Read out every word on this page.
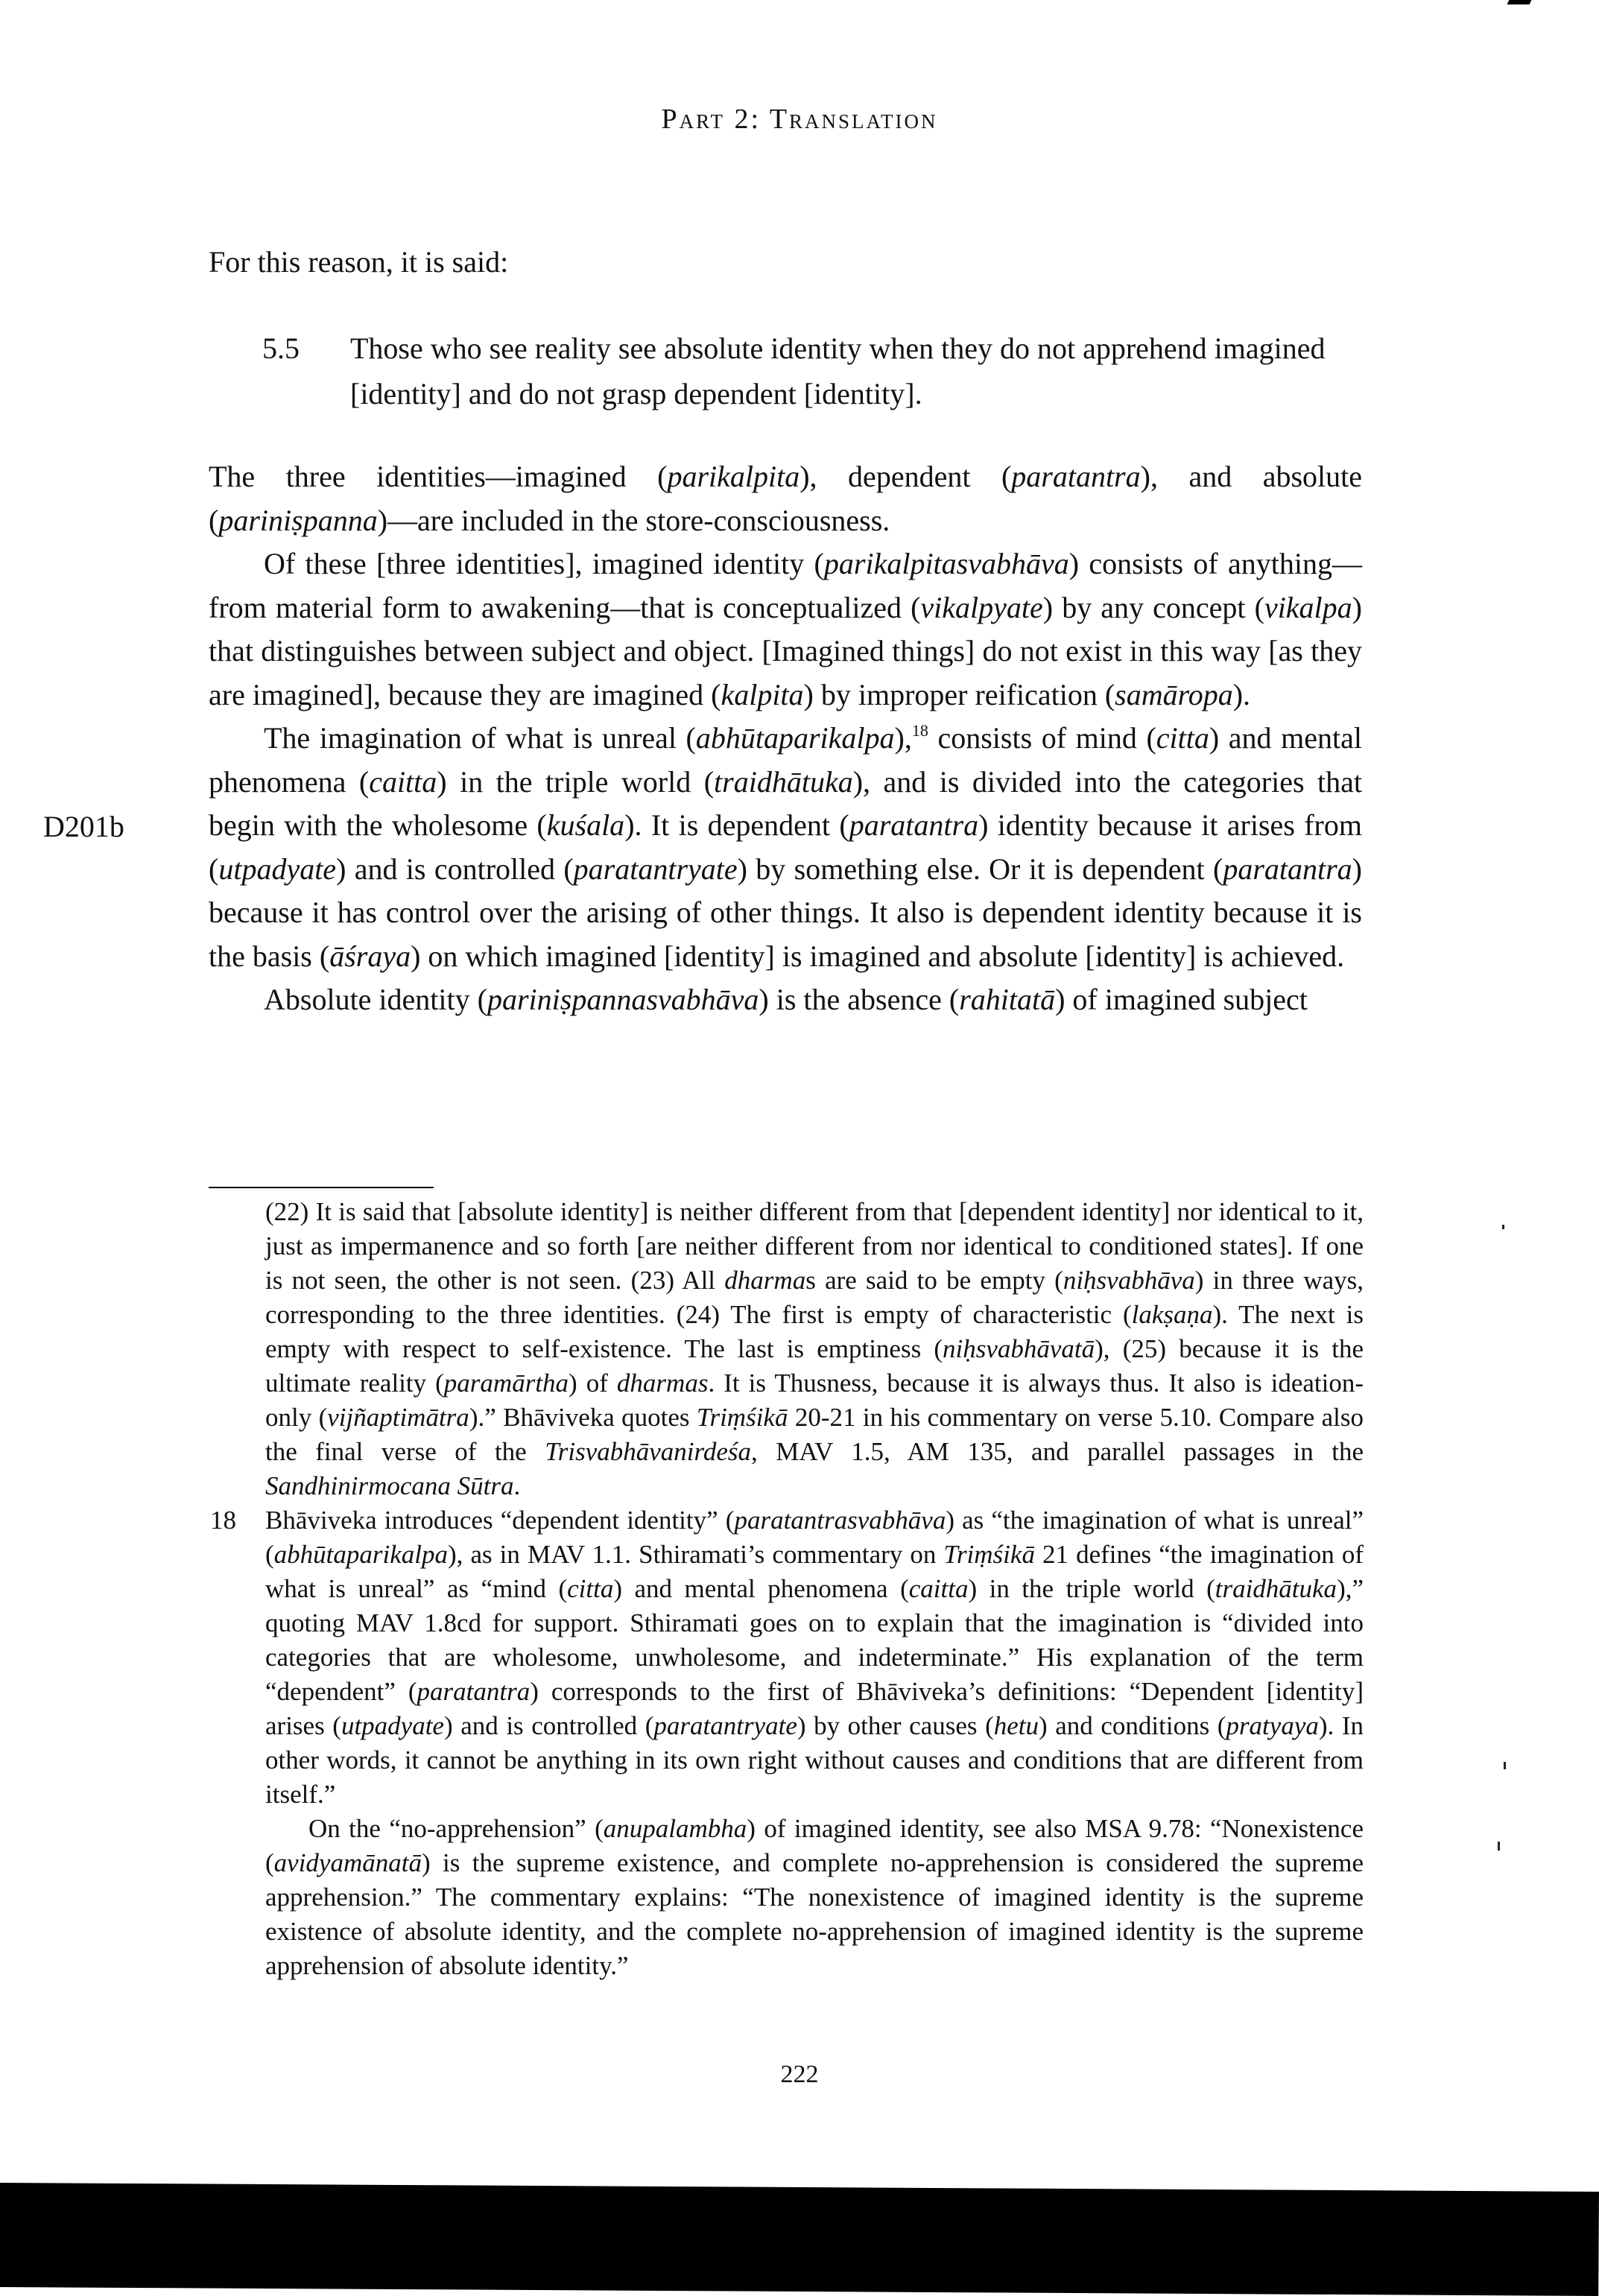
Part 2: Translation
For this reason, it is said:
5.5 Those who see reality see absolute identity when they do not apprehend imagined [identity] and do not grasp dependent [identity].

The three identities—imagined (parikalpita), dependent (paratantra), and absolute (pariniṣpanna)—are included in the store-consciousness.

Of these [three identities], imagined identity (parikalpitasvabhāva) consists of anything—from material form to awakening—that is conceptualized (vikalpyate) by any concept (vikalpa) that distinguishes between subject and object. [Imagined things] do not exist in this way [as they are imagined], because they are imagined (kalpita) by improper reification (samāropa).

The imagination of what is unreal (abhūtaparikalpa),$^{18}$ consists of mind (citta) and mental phenomena (caitta) in the triple world (traidhātuka), and is divided into the categories that begin with the wholesome (kuśala). It is dependent (paratantra) identity because it arises from (utpadyate) and is controlled (paratantryate) by something else. Or it is dependent (paratantra) because it has control over the arising of other things. It also is dependent identity because it is the basis (āśraya) on which imagined [identity] is imagined and absolute [identity] is achieved.

Absolute identity (pariniṣpannasvabhāva) is the absence (rahitatā) of imagined subject

D201b

(22) It is said that [absolute identity] is neither different from that [dependent identity] nor identical to it, just as impermanence and so forth [are neither different from nor identical to conditioned states]. If one is not seen, the other is not seen. (23) All dharmas are said to be empty (niḥsvabhāva) in three ways, corresponding to the three identities. (24) The first is empty of characteristic (lakṣaṇa). The next is empty with respect to self-existence. The last is emptiness (niḥsvabhāvatā), (25) because it is the ultimate reality (paramārtha) of dharmas. It is Thusness, because it is always thus. It also is ideation-only (vijñaptimātra).” Bhāviveka quotes Triṃśikā 20-21 in his commentary on verse 5.10. Compare also the final verse of the Trisvabhāvanirdeśa, MAV 1.5, AM 135, and parallel passages in the Sandhinirmocana Sūtra.

18 Bhāviveka introduces “dependent identity” (paratantrasvabhāva) as “the imagination of what is unreal” (abhūtaparikalpa), as in MAV 1.1. Sthiramati’s commentary on Triṃśikā 21 defines “the imagination of what is unreal” as “mind (citta) and mental phenomena (caitta) in the triple world (traidhātuka),” quoting MAV 1.8cd for support. Sthiramati goes on to explain that the imagination is “divided into categories that are wholesome, unwholesome, and indeterminate.” His explanation of the term “dependent” (paratantra) corresponds to the first of Bhāviveka’s definitions: “Dependent [identity] arises (utpadyate) and is controlled (paratantryate) by other causes (hetu) and conditions (pratyaya). In other words, it cannot be anything in its own right without causes and conditions that are different from itself.”

On the “no-apprehension” (anupalambha) of imagined identity, see also MSA 9.78: “Nonexistence (avidyamānatā) is the supreme existence, and complete no-apprehension is considered the supreme apprehension.” The commentary explains: “The nonexistence of imagined identity is the supreme existence of absolute identity, and the complete no-apprehension of imagined identity is the supreme apprehension of absolute identity.”

222
